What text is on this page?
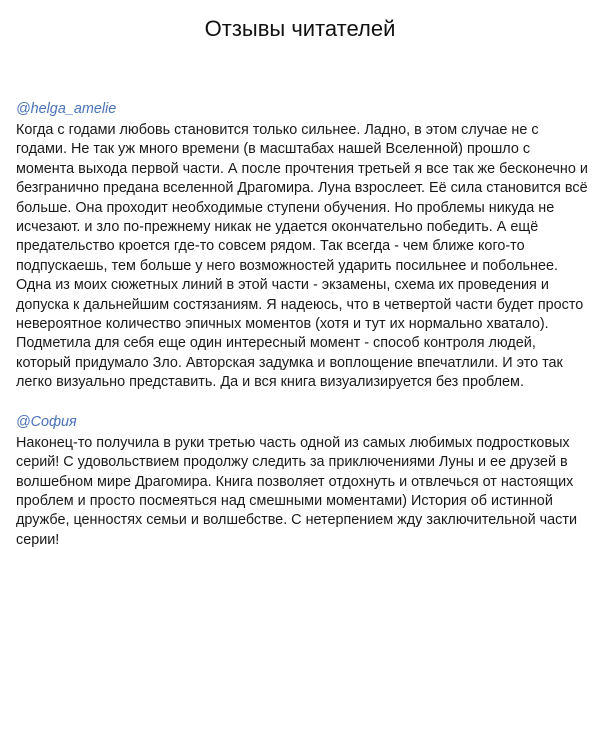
Отзывы читателей
@helga_amelie

Когда с годами любовь становится только сильнее. Ладно, в этом случае не с годами. Не так уж много времени (в масштабах нашей Вселенной) прошло с момента выхода первой части. А после прочтения третьей я все так же бесконечно и безгранично предана вселенной Драгомира. Луна взрослеет. Её сила становится всё больше. Она проходит необходимые ступени обучения. Но проблемы никуда не исчезают. и зло по-прежнему никак не удается окончательно победить. А ещё предательство кроется где-то совсем рядом. Так всегда - чем ближе кого-то подпускаешь, тем больше у него возможностей ударить посильнее и побольнее. Одна из моих сюжетных линий в этой части - экзамены, схема их проведения и допуска к дальнейшим состязаниям. Я надеюсь, что в четвертой части будет просто невероятное количество эпичных моментов (хотя и тут их нормально хватало). Подметила для себя еще один интересный момент - способ контроля людей, который придумало Зло. Авторская задумка и воплощение впечатлили. И это так легко визуально представить. Да и вся книга визуализируется без проблем.

@София

Наконец-то получила в руки третью часть одной из самых любимых подростковых серий! С удовольствием продолжу следить за приключениями Луны и ее друзей в волшебном мире Драгомира. Книга позволяет отдохнуть и отвлечься от настоящих проблем и просто посмеяться над смешными моментами) История об истинной дружбе, ценностях семьи и волшебстве. С нетерпением жду заключительной части серии!
